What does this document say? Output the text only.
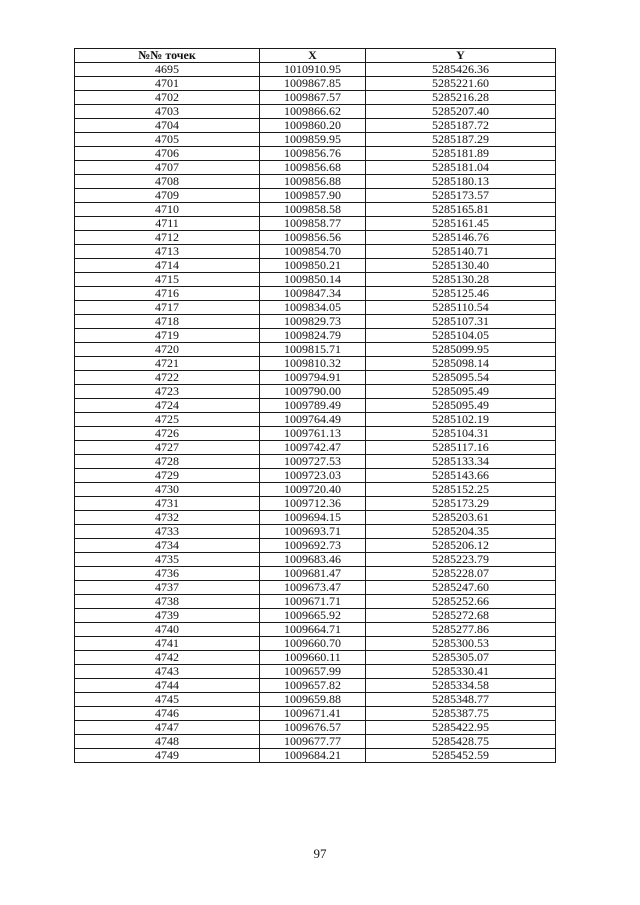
№№ точек	X	Y
4695	1010910.95	5285426.36
4701	1009867.85	5285221.60
4702	1009867.57	5285216.28
4703	1009866.62	5285207.40
4704	1009860.20	5285187.72
4705	1009859.95	5285187.29
4706	1009856.76	5285181.89
4707	1009856.68	5285181.04
4708	1009856.88	5285180.13
4709	1009857.90	5285173.57
4710	1009858.58	5285165.81
4711	1009858.77	5285161.45
4712	1009856.56	5285146.76
4713	1009854.70	5285140.71
4714	1009850.21	5285130.40
4715	1009850.14	5285130.28
4716	1009847.34	5285125.46
4717	1009834.05	5285110.54
4718	1009829.73	5285107.31
4719	1009824.79	5285104.05
4720	1009815.71	5285099.95
4721	1009810.32	5285098.14
4722	1009794.91	5285095.54
4723	1009790.00	5285095.49
4724	1009789.49	5285095.49
4725	1009764.49	5285102.19
4726	1009761.13	5285104.31
4727	1009742.47	5285117.16
4728	1009727.53	5285133.34
4729	1009723.03	5285143.66
4730	1009720.40	5285152.25
4731	1009712.36	5285173.29
4732	1009694.15	5285203.61
4733	1009693.71	5285204.35
4734	1009692.73	5285206.12
4735	1009683.46	5285223.79
4736	1009681.47	5285228.07
4737	1009673.47	5285247.60
4738	1009671.71	5285252.66
4739	1009665.92	5285272.68
4740	1009664.71	5285277.86
4741	1009660.70	5285300.53
4742	1009660.11	5285305.07
4743	1009657.99	5285330.41
4744	1009657.82	5285334.58
4745	1009659.88	5285348.77
4746	1009671.41	5285387.75
4747	1009676.57	5285422.95
4748	1009677.77	5285428.75
4749	1009684.21	5285452.59
97
